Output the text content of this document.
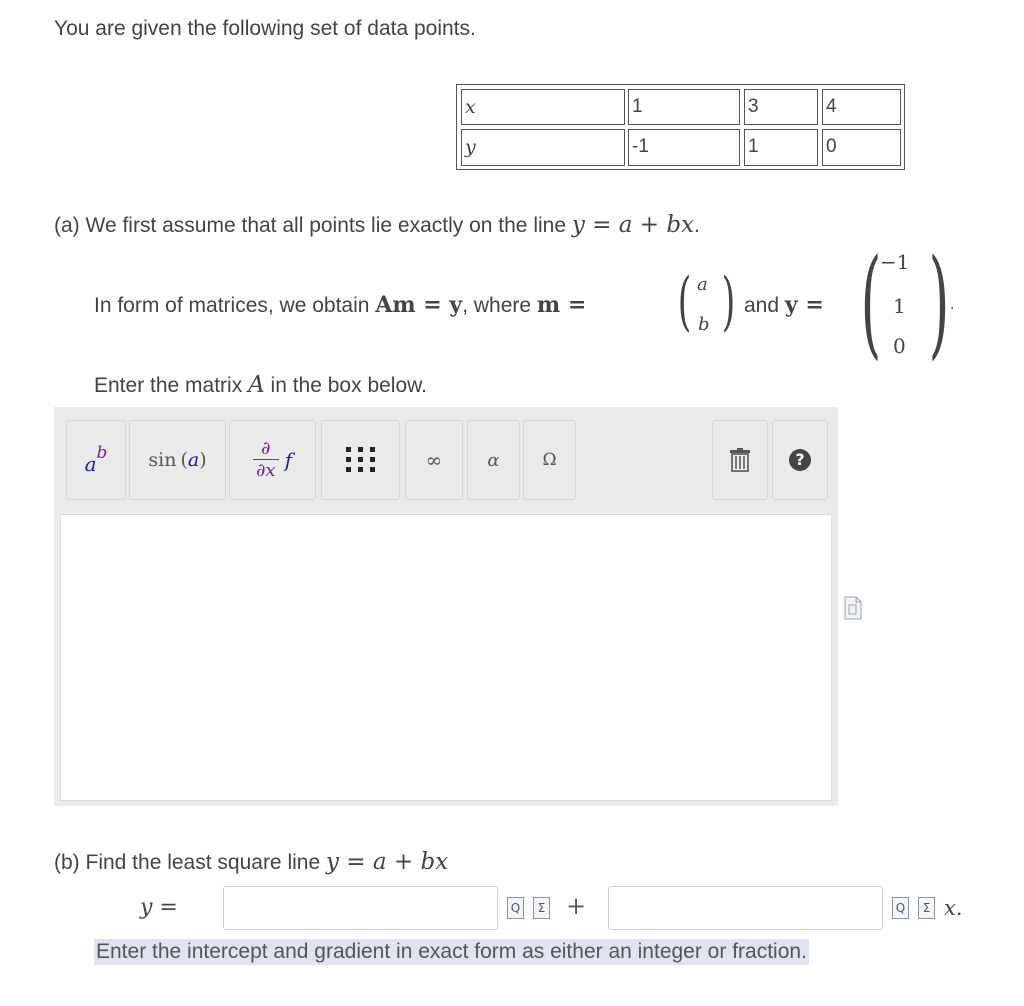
You are given the following set of data points.
x	1	3	4
y	-1	1	0
(a) We first assume that all points lie exactly on the line y = a + bx.
In form of matrices, we obtain Am = y, where m = ( a
b ) and y = (
−1
1
0 ) .
Enter the matrix A in the box below.
a b sin ( a )
∂
∂x f	∞	α	Ω	?
(b) Find the least square line y = a + bx
y =	Q	Σ +	Q	Σ x.
Enter the intercept and gradient in exact form as either an integer or fraction.
